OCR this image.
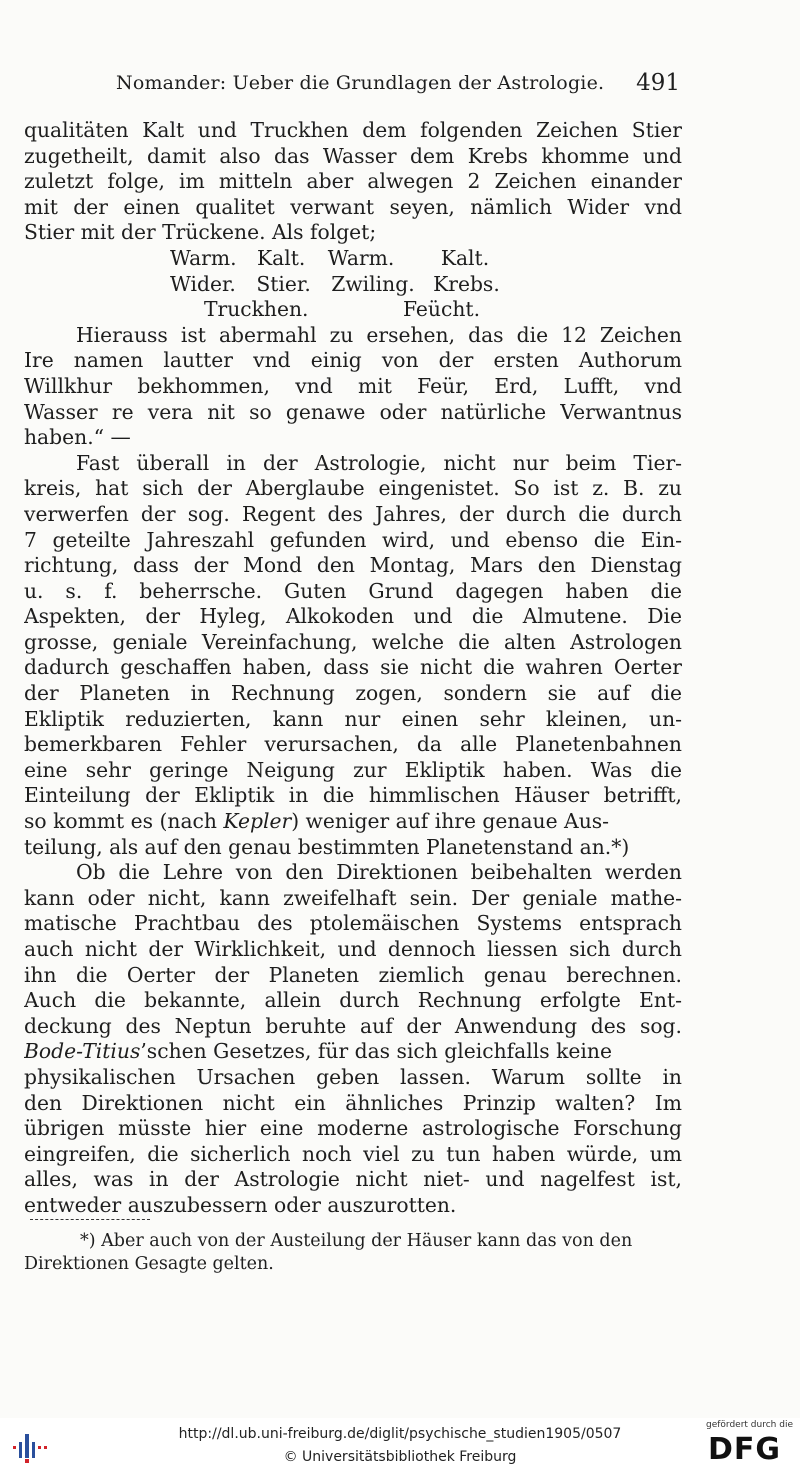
Nomander: Ueber die Grundlagen der Astrologie. 491
qualitäten Kalt und Truckhen dem folgenden Zeichen Stier
zugetheilt, damit also das Wasser dem Krebs khomme und
zuletzt folge, im mitteln aber alwegen 2 Zeichen einander
mit der einen qualitet verwant seyen, nämlich Wider vnd
Stier mit der Trückene. Als folget;
Warm. Kalt. Warm. Kalt.
Wider. Stier. Zwiling. Krebs.
Truckhen.	Feücht.
Hierauss ist abermahl zu ersehen, das die 12 Zeichen
Ire namen lautter vnd einig von der ersten Authorum
Willkhur bekhommen, vnd mit Feür, Erd, Lufft, vnd
Wasser re vera nit so genawe oder natürliche Verwantnus
haben.“ —
Fast überall in der Astrologie, nicht nur beim Tier-
kreis, hat sich der Aberglaube eingenistet. So ist z. B. zu
verwerfen der sog. Regent des Jahres, der durch die durch
7 geteilte Jahreszahl gefunden wird, und ebenso die Ein-
richtung, dass der Mond den Montag, Mars den Dienstag
u. s. f. beherrsche. Guten Grund dagegen haben die
Aspekten, der Hyleg, Alkokoden und die Almutene. Die
grosse, geniale Vereinfachung, welche die alten Astrologen
dadurch geschaffen haben, dass sie nicht die wahren Oerter
der Planeten in Rechnung zogen, sondern sie auf die
Ekliptik reduzierten, kann nur einen sehr kleinen, un-
bemerkbaren Fehler verursachen, da alle Planetenbahnen
eine sehr geringe Neigung zur Ekliptik haben. Was die
Einteilung der Ekliptik in die himmlischen Häuser betrifft,
so kommt es (nach Kepler) weniger auf ihre genaue Aus-
teilung, als auf den genau bestimmten Planetenstand an.*)
Ob die Lehre von den Direktionen beibehalten werden
kann oder nicht, kann zweifelhaft sein. Der geniale mathe-
matische Prachtbau des ptolemäischen Systems entsprach
auch nicht der Wirklichkeit, und dennoch liessen sich durch
ihn die Oerter der Planeten ziemlich genau berechnen.
Auch die bekannte, allein durch Rechnung erfolgte Ent-
deckung des Neptun beruhte auf der Anwendung des sog.
Bode-Titius’schen Gesetzes, für das sich gleichfalls keine
physikalischen Ursachen geben lassen. Warum sollte in
den Direktionen nicht ein ähnliches Prinzip walten? Im
übrigen müsste hier eine moderne astrologische Forschung
eingreifen, die sicherlich noch viel zu tun haben würde, um
alles, was in der Astrologie nicht niet- und nagelfest ist,
entweder auszubessern oder auszurotten.
*) Aber auch von der Austeilung der Häuser kann das von den
Direktionen Gesagte gelten.
http://dl.ub.uni-freiburg.de/diglit/psychische_studien1905/0507
© Universitätsbibliothek Freiburg
gefördert durch die
DFG
